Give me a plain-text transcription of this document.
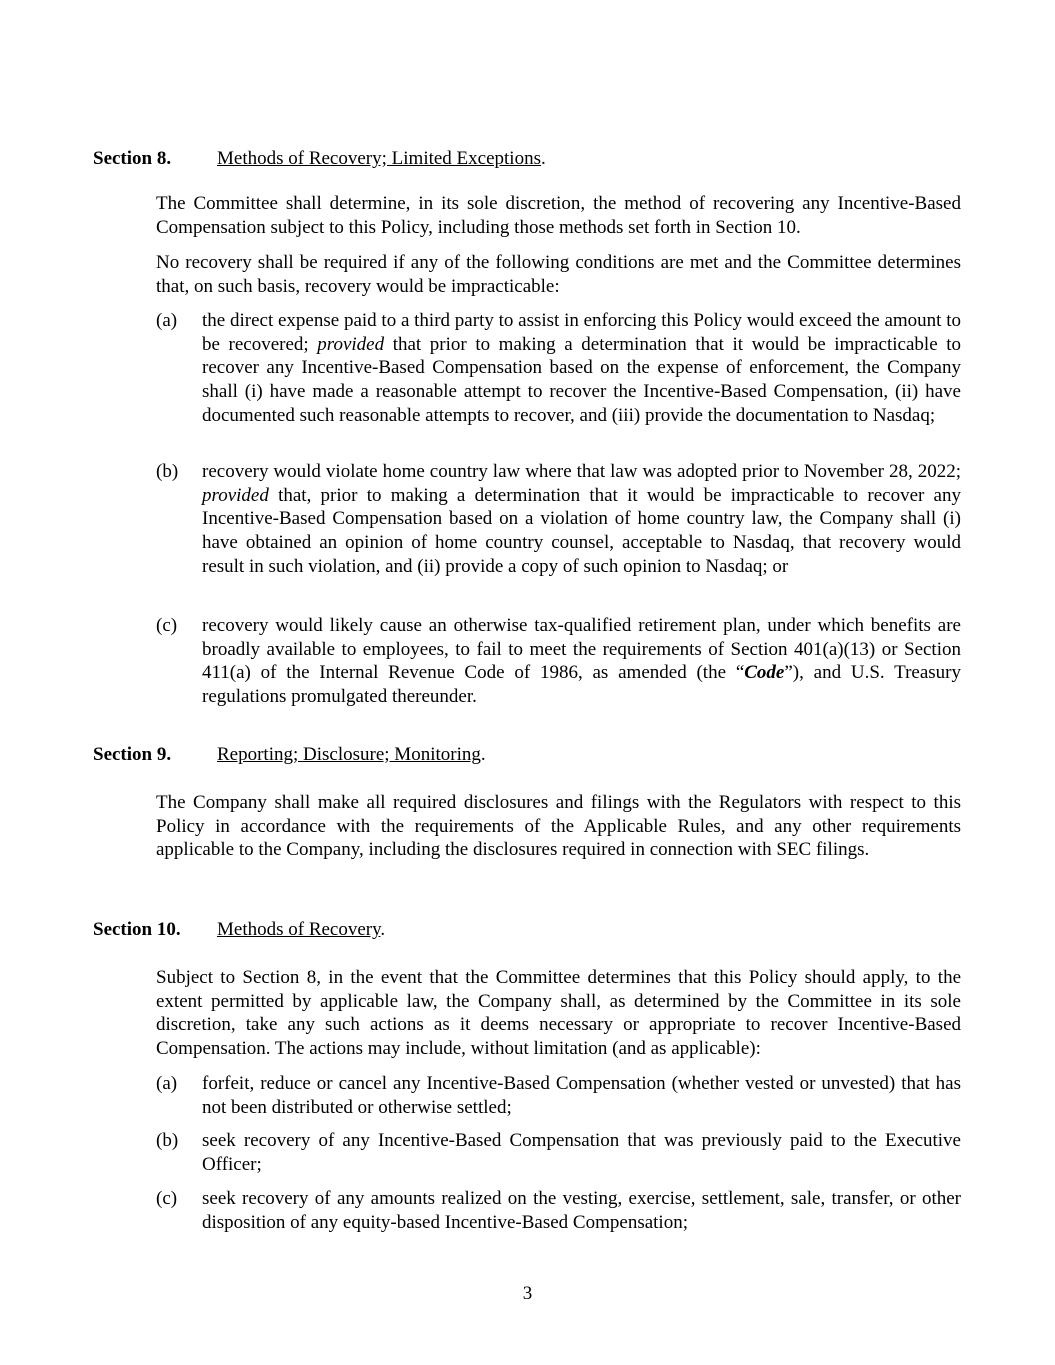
Section 8. Methods of Recovery; Limited Exceptions.
The Committee shall determine, in its sole discretion, the method of recovering any Incentive-Based Compensation subject to this Policy, including those methods set forth in Section 10.
No recovery shall be required if any of the following conditions are met and the Committee determines that, on such basis, recovery would be impracticable:
(a) the direct expense paid to a third party to assist in enforcing this Policy would exceed the amount to be recovered; provided that prior to making a determination that it would be impracticable to recover any Incentive-Based Compensation based on the expense of enforcement, the Company shall (i) have made a reasonable attempt to recover the Incentive-Based Compensation, (ii) have documented such reasonable attempts to recover, and (iii) provide the documentation to Nasdaq;
(b) recovery would violate home country law where that law was adopted prior to November 28, 2022; provided that, prior to making a determination that it would be impracticable to recover any Incentive-Based Compensation based on a violation of home country law, the Company shall (i) have obtained an opinion of home country counsel, acceptable to Nasdaq, that recovery would result in such violation, and (ii) provide a copy of such opinion to Nasdaq; or
(c) recovery would likely cause an otherwise tax-qualified retirement plan, under which benefits are broadly available to employees, to fail to meet the requirements of Section 401(a)(13) or Section 411(a) of the Internal Revenue Code of 1986, as amended (the “Code”), and U.S. Treasury regulations promulgated thereunder.
Section 9. Reporting; Disclosure; Monitoring.
The Company shall make all required disclosures and filings with the Regulators with respect to this Policy in accordance with the requirements of the Applicable Rules, and any other requirements applicable to the Company, including the disclosures required in connection with SEC filings.
Section 10. Methods of Recovery.
Subject to Section 8, in the event that the Committee determines that this Policy should apply, to the extent permitted by applicable law, the Company shall, as determined by the Committee in its sole discretion, take any such actions as it deems necessary or appropriate to recover Incentive-Based Compensation. The actions may include, without limitation (and as applicable):
(a) forfeit, reduce or cancel any Incentive-Based Compensation (whether vested or unvested) that has not been distributed or otherwise settled;
(b) seek recovery of any Incentive-Based Compensation that was previously paid to the Executive Officer;
(c) seek recovery of any amounts realized on the vesting, exercise, settlement, sale, transfer, or other disposition of any equity-based Incentive-Based Compensation;
3
